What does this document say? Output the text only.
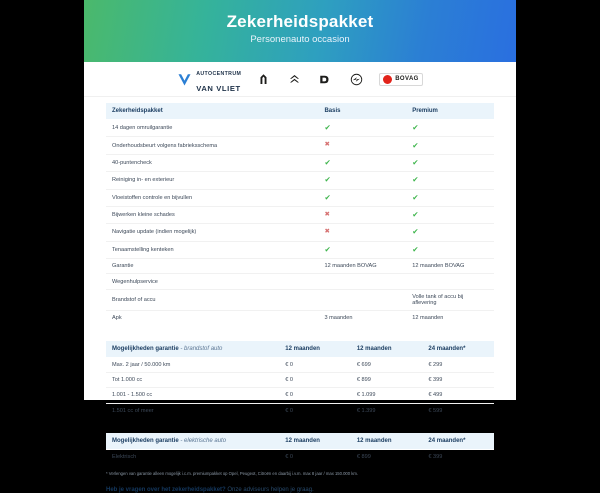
Zekerheidspakket
Personenauto occasion
AUTOCENTRUM
VAN VLIET
BOVAG
Zekerheidspakket	Basis	Premium
14 dagen omruilgarantie	✔	✔
Onderhoudsbeurt volgens fabrieksschema	✖	✔
40-puntencheck	✔	✔
Reiniging in- en exterieur	✔	✔
Vloeistoffen controle en bijvullen	✔	✔
Bijwerken kleine schades	✖	✔
Navigatie update (indien mogelijk)	✖	✔
Tenaamstelling kenteken	✔	✔
Garantie	12 maanden BOVAG	12 maanden BOVAG
Wegenhulpservice		
Brandstof of accu		Volle tank of accu bij aflevering
Apk	3 maanden	12 maanden
Mogelijkheden garantie - brandstof auto	12 maanden	12 maanden	24 maanden*
Max. 2 jaar / 50.000 km	€ 0	€ 699	€ 299
Tot 1.000 cc	€ 0	€ 899	€ 399
1.001 - 1.500 cc	€ 0	€ 1.099	€ 499
1.501 cc of meer	€ 0	€ 1.399	€ 599
Mogelijkheden garantie - elektrische auto	12 maanden	12 maanden	24 maanden*
Elektrisch	€ 0	€ 899	€ 399
* Verlengen van garantie alleen mogelijk i.c.m. premiumpakket op Opel, Peugeot, Citroën en daarbij i.v.m. max 8 jaar / max 150.000 km.
Heb je vragen over het zekerheidspakket? Onze adviseurs helpen je graag.
